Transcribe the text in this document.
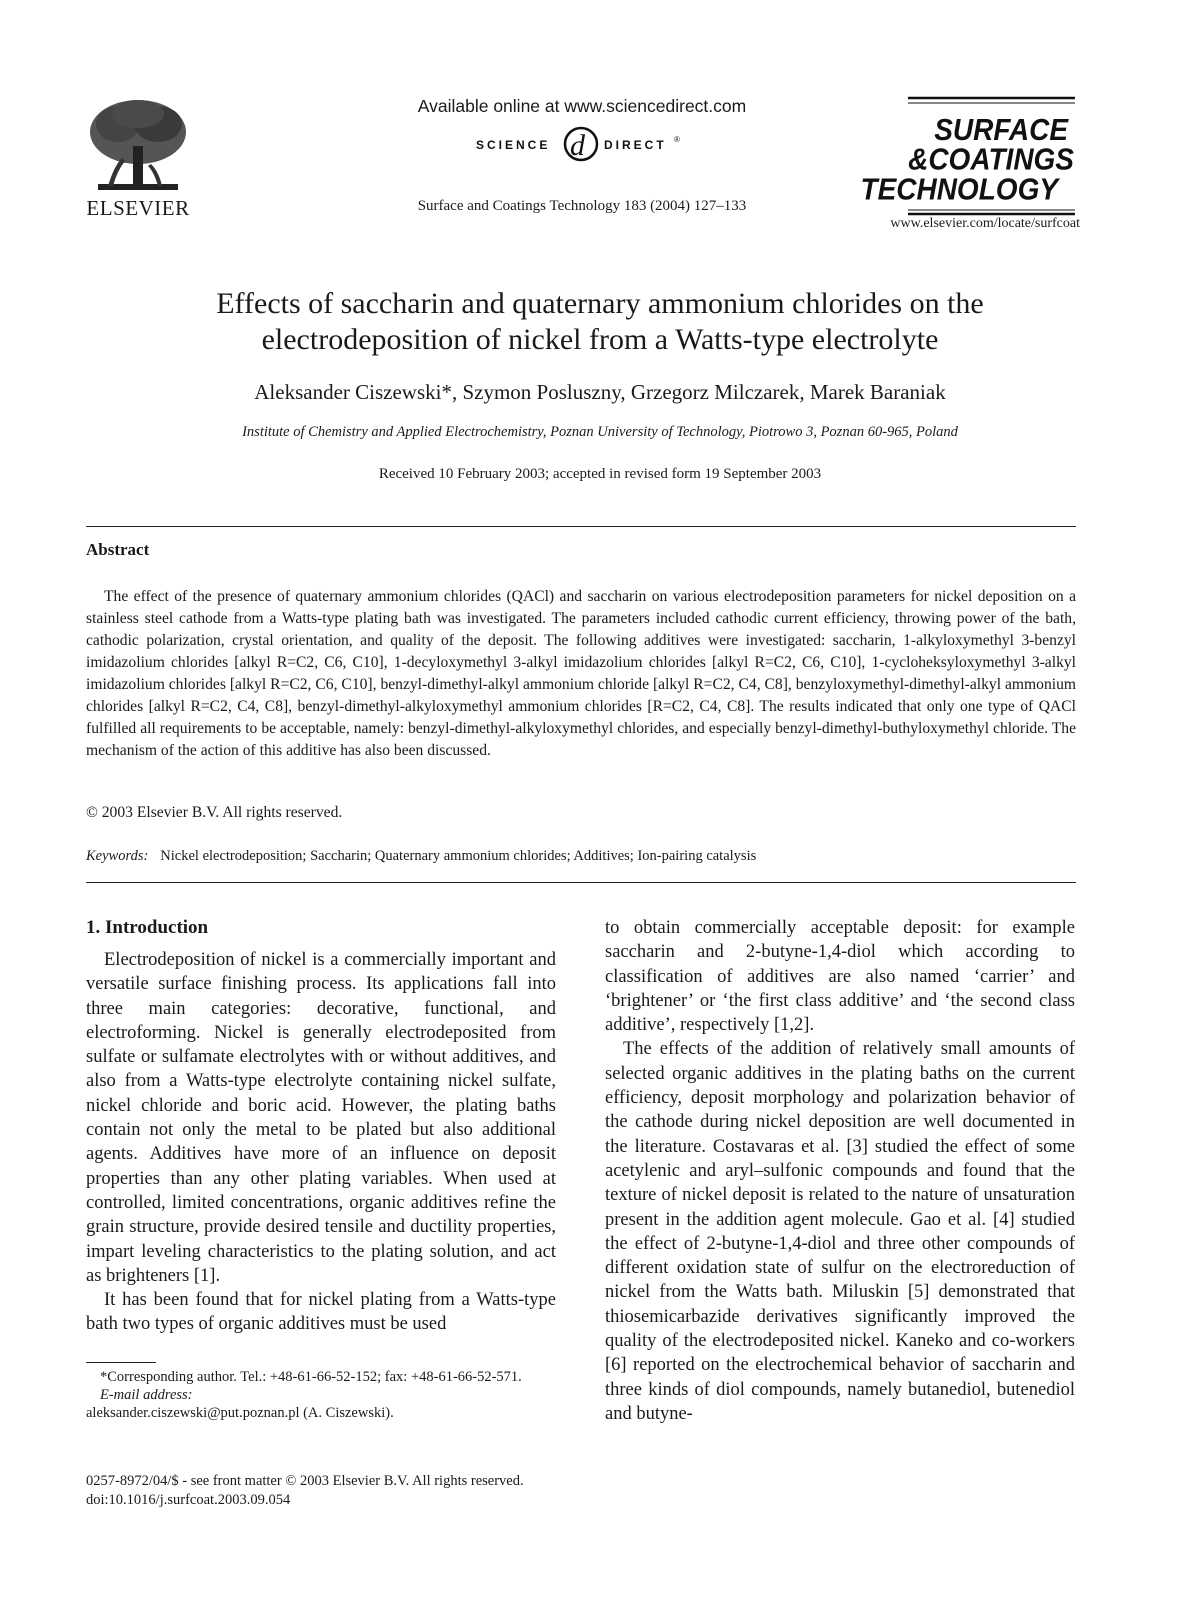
ELSEVIER
Available online at www.sciencedirect.com
SCIENCE d DIRECT ®
Surface and Coatings Technology 183 (2004) 127–133
SURFACE
&COATINGS
TECHNOLOGY
www.elsevier.com/locate/surfcoat
Effects of saccharin and quaternary ammonium chlorides on the
electrodeposition of nickel from a Watts-type electrolyte
Aleksander Ciszewski*, Szymon Posluszny, Grzegorz Milczarek, Marek Baraniak
Institute of Chemistry and Applied Electrochemistry, Poznan University of Technology, Piotrowo 3, Poznan 60-965, Poland
Received 10 February 2003; accepted in revised form 19 September 2003
Abstract
The effect of the presence of quaternary ammonium chlorides (QACl) and saccharin on various electrodeposition parameters for nickel deposition on a stainless steel cathode from a Watts-type plating bath was investigated. The parameters included cathodic current efficiency, throwing power of the bath, cathodic polarization, crystal orientation, and quality of the deposit. The following additives were investigated: saccharin, 1-alkyloxymethyl 3-benzyl imidazolium chlorides [alkyl R=C2, C6, C10], 1-decyloxymethyl 3-alkyl imidazolium chlorides [alkyl R=C2, C6, C10], 1-cycloheksyloxymethyl 3-alkyl imidazolium chlorides [alkyl R=C2, C6, C10], benzyl-dimethyl-alkyl ammonium chloride [alkyl R=C2, C4, C8], benzyloxymethyl-dimethyl-alkyl ammonium chlorides [alkyl R=C2, C4, C8], benzyl-dimethyl-alkyloxymethyl ammonium chlorides [R=C2, C4, C8]. The results indicated that only one type of QACl fulfilled all requirements to be acceptable, namely: benzyl-dimethyl-alkyloxymethyl chlorides, and especially benzyl-dimethyl-buthyloxymethyl chloride. The mechanism of the action of this additive has also been discussed.
© 2003 Elsevier B.V. All rights reserved.
Keywords: Nickel electrodeposition; Saccharin; Quaternary ammonium chlorides; Additives; Ion-pairing catalysis
1. Introduction

Electrodeposition of nickel is a commercially important and versatile surface finishing process. Its applications fall into three main categories: decorative, functional, and electroforming. Nickel is generally electrodeposited from sulfate or sulfamate electrolytes with or without additives, and also from a Watts-type electrolyte containing nickel sulfate, nickel chloride and boric acid. However, the plating baths contain not only the metal to be plated but also additional agents. Additives have more of an influence on deposit properties than any other plating variables. When used at controlled, limited concentrations, organic additives refine the grain structure, provide desired tensile and ductility properties, impart leveling characteristics to the plating solution, and act as brighteners [1].

It has been found that for nickel plating from a Watts-type bath two types of organic additives must be used

to obtain commercially acceptable deposit: for example saccharin and 2-butyne-1,4-diol which according to classification of additives are also named ‘carrier’ and ‘brightener’ or ‘the first class additive’ and ‘the second class additive’, respectively [1,2].

The effects of the addition of relatively small amounts of selected organic additives in the plating baths on the current efficiency, deposit morphology and polarization behavior of the cathode during nickel deposition are well documented in the literature. Costavaras et al. [3] studied the effect of some acetylenic and aryl–sulfonic compounds and found that the texture of nickel deposit is related to the nature of unsaturation present in the addition agent molecule. Gao et al. [4] studied the effect of 2-butyne-1,4-diol and three other compounds of different oxidation state of sulfur on the electroreduction of nickel from the Watts bath. Miluskin [5] demonstrated that thiosemicarbazide derivatives significantly improved the quality of the electrodeposited nickel. Kaneko and co-workers [6] reported on the electrochemical behavior of saccharin and three kinds of diol compounds, namely butanediol, butenediol and butyne-

*Corresponding author. Tel.: +48-61-66-52-152; fax: +48-61-66-52-571.
E-mail address:
aleksander.ciszewski@put.poznan.pl (A. Ciszewski).
0257-8972/04/$ - see front matter © 2003 Elsevier B.V. All rights reserved.
doi:10.1016/j.surfcoat.2003.09.054
